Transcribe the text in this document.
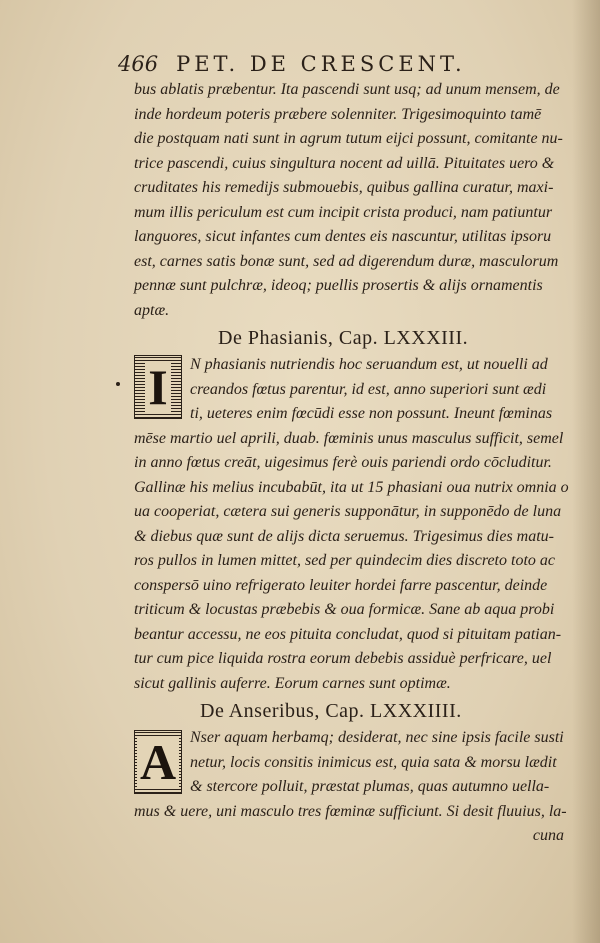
466 PET. DE CRESCENT.
bus ablatis præbentur. Ita pascendi sunt usq; ad unum mensem, de
inde hordeum poteris præbere solenniter. Trigesimoquinto tamē
die postquam nati sunt in agrum tutum eijci possunt, comitante nu-
trice pascendi, cuius singultura nocent ad uillā. Pituitates uero &
cruditates his remedijs submouebis, quibus gallina curatur, maxi-
mum illis periculum est cum incipit crista produci, nam patiuntur
languores, sicut infantes cum dentes eis nascuntur, utilitas ipsoru
est, carnes satis bonæ sunt, sed ad digerendum duræ, masculorum
pennæ sunt pulchræ, ideoq; puellis prosertis & alijs ornamentis
aptæ.
De Phasianis, Cap. LXXXIII.
I	N phasianis nutriendis hoc seruandum est, ut nouelli ad
creandos fœtus parentur, id est, anno superiori sunt ædi
ti, ueteres enim fœcūdi esse non possunt. Ineunt fœminas
mēse martio uel aprili, duab. fœminis unus masculus sufficit, semel
in anno fœtus creāt, uigesimus ferè ouis pariendi ordo cōcluditur.
Gallinæ his melius incubabūt, ita ut 15 phasiani oua nutrix omnia o
ua cooperiat, cætera sui generis supponātur, in supponēdo de luna
& diebus quæ sunt de alijs dicta seruemus. Trigesimus dies matu-
ros pullos in lumen mittet, sed per quindecim dies discreto toto ac
conspersō uino refrigerato leuiter hordei farre pascentur, deinde
triticum & locustas præbebis & oua formicæ. Sane ab aqua probi
beantur accessu, ne eos pituita concludat, quod si pituitam patian-
tur cum pice liquida rostra eorum debebis assiduè perfricare, uel
sicut gallinis auferre. Eorum carnes sunt optimæ.
De Anseribus, Cap. LXXXIIII.
A Nser aquam herbamq; desiderat, nec sine ipsis facile susti
netur, locis consitis inimicus est, quia sata & morsu lædit
& stercore polluit, præstat plumas, quas autumno uella-
mus & uere, uni masculo tres fœminæ sufficiunt. Si desit fluuius, la-
cuna
